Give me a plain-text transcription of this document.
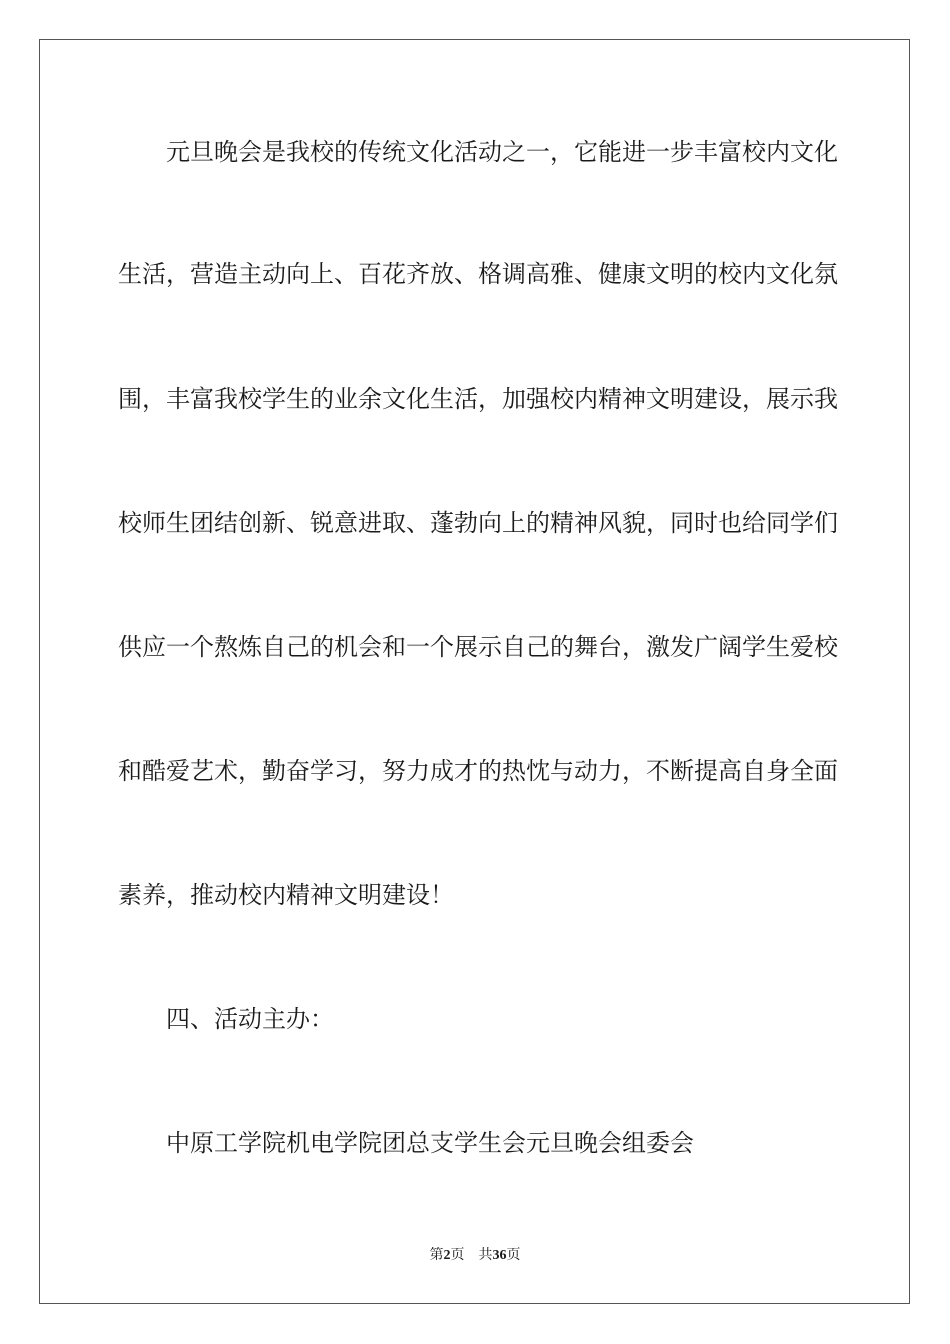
元旦晚会是我校的传统文化活动之一，它能进一步丰富校内文化
生活，营造主动向上、百花齐放、格调高雅、健康文明的校内文化氛
围，丰富我校学生的业余文化生活，加强校内精神文明建设，展示我
校师生团结创新、锐意进取、蓬勃向上的精神风貌，同时也给同学们
供应一个熬炼自己的机会和一个展示自己的舞台，激发广阔学生爱校
和酷爱艺术，勤奋学习，努力成才的热忱与动力，不断提高自身全面
素养，推动校内精神文明建设！
四、活动主办：
中原工学院机电学院团总支学生会元旦晚会组委会
第2页 共36页
